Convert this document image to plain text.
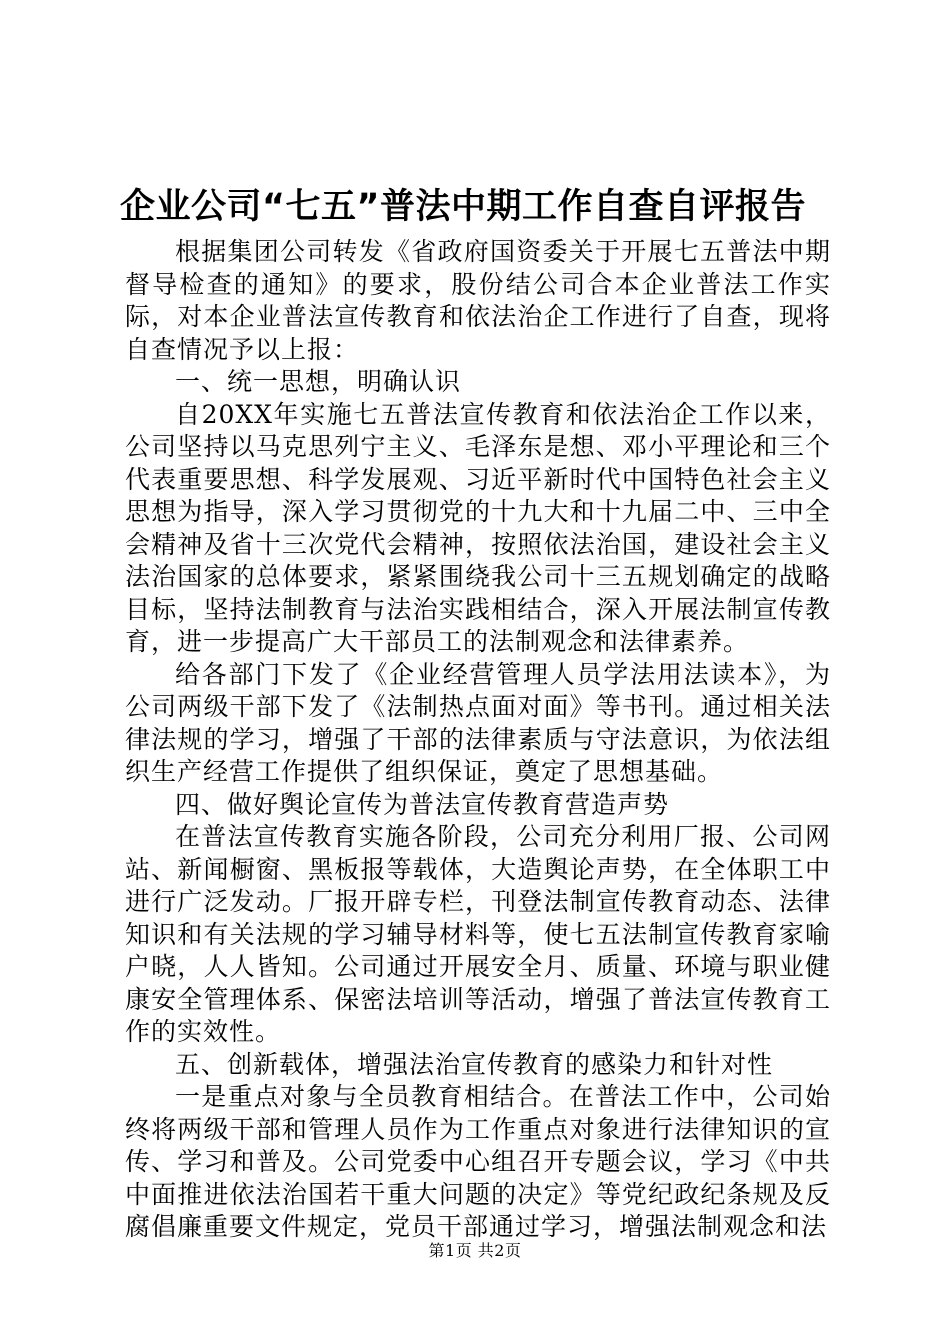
企业公司“七五”普法中期工作自查自评报告

根据集团公司转发《省政府国资委关于开展七五普法中期督导检查的通知》的要求，股份结公司合本企业普法工作实际，对本企业普法宣传教育和依法治企工作进行了自查，现将自查情况予以上报：

一、统一思想，明确认识

自20XX年实施七五普法宣传教育和依法治企工作以来，公司坚持以马克思列宁主义、毛泽东是想、邓小平理论和三个代表重要思想、科学发展观、习近平新时代中国特色社会主义思想为指导，深入学习贯彻党的十九大和十九届二中、三中全会精神及省十三次党代会精神，按照依法治国，建设社会主义法治国家的总体要求，紧紧围绕我公司十三五规划确定的战略目标，坚持法制教育与法治实践相结合，深入开展法制宣传教育，进一步提高广大干部员工的法制观念和法律素养。

给各部门下发了《企业经营管理人员学法用法读本》，为公司两级干部下发了《法制热点面对面》等书刊。通过相关法律法规的学习，增强了干部的法律素质与守法意识，为依法组织生产经营工作提供了组织保证，奠定了思想基础。

四、做好舆论宣传为普法宣传教育营造声势

在普法宣传教育实施各阶段，公司充分利用厂报、公司网站、新闻橱窗、黑板报等载体，大造舆论声势，在全体职工中进行广泛发动。厂报开辟专栏，刊登法制宣传教育动态、法律知识和有关法规的学习辅导材料等，使七五法制宣传教育家喻户晓，人人皆知。公司通过开展安全月、质量、环境与职业健康安全管理体系、保密法培训等活动，增强了普法宣传教育工作的实效性。

五、创新载体，增强法治宣传教育的感染力和针对性

一是重点对象与全员教育相结合。在普法工作中，公司始终将两级干部和管理人员作为工作重点对象进行法律知识的宣传、学习和普及。公司党委中心组召开专题会议，学习《中共中面推进依法治国若干重大问题的决定》等党纪政纪条规及反腐倡廉重要文件规定，党员干部通过学习，增强法制观念和法

第1页 共2页
